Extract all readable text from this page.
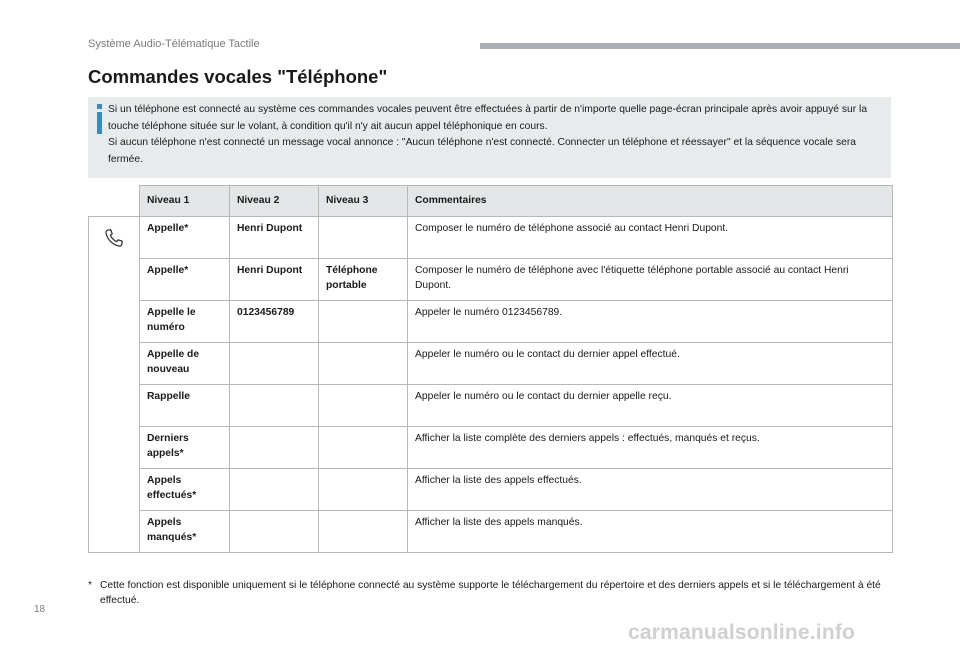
Système Audio-Télématique Tactile
Commandes vocales "Téléphone"

Si un téléphone est connecté au système ces commandes vocales peuvent être effectuées à partir de n'importe quelle page-écran principale après avoir appuyé sur la touche téléphone située sur le volant, à condition qu'il n'y ait aucun appel téléphonique en cours.

Si aucun téléphone n'est connecté un message vocal annonce : "Aucun téléphone n'est connecté. Connecter un téléphone et réessayer" et la séquence vocale sera fermée.

	Niveau 1	Niveau 2	Niveau 3	Commentaires

	Appelle*	Henri Dupont		Composer le numéro de téléphone associé au contact Henri Dupont.
	Appelle*	Henri Dupont	Téléphone portable	Composer le numéro de téléphone avec l'étiquette téléphone portable associé au contact Henri Dupont.
	Appelle le numéro	0123456789		Appeler le numéro 0123456789.
	Appelle de nouveau			Appeler le numéro ou le contact du dernier appel effectué.
	Rappelle			Appeler le numéro ou le contact du dernier appelle reçu.
	Derniers appels*			Afficher la liste complète des derniers appels : effectués, manqués et reçus.
	Appels effectués*			Afficher la liste des appels effectués.
	Appels manqués*			Afficher la liste des appels manqués.
* Cette fonction est disponible uniquement si le téléphone connecté au système supporte le téléchargement du répertoire et des derniers appels et si le téléchargement à été effectué.
18
carmanualsonline.info
